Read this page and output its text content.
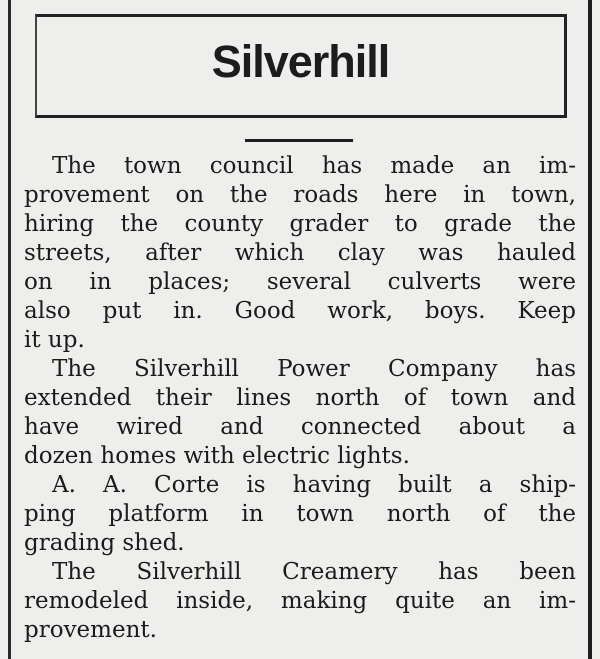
Silverhill
The town council has made an im-
provement on the roads here in town,
hiring the county grader to grade the
streets, after which clay was hauled
on in places; several culverts were
also put in. Good work, boys. Keep
it up.
The Silverhill Power Company has
extended their lines north of town and
have wired and connected about a
dozen homes with electric lights.
A. A. Corte is having built a ship-
ping platform in town north of the
grading shed.
The Silverhill Creamery has been
remodeled inside, making quite an im-
provement.
